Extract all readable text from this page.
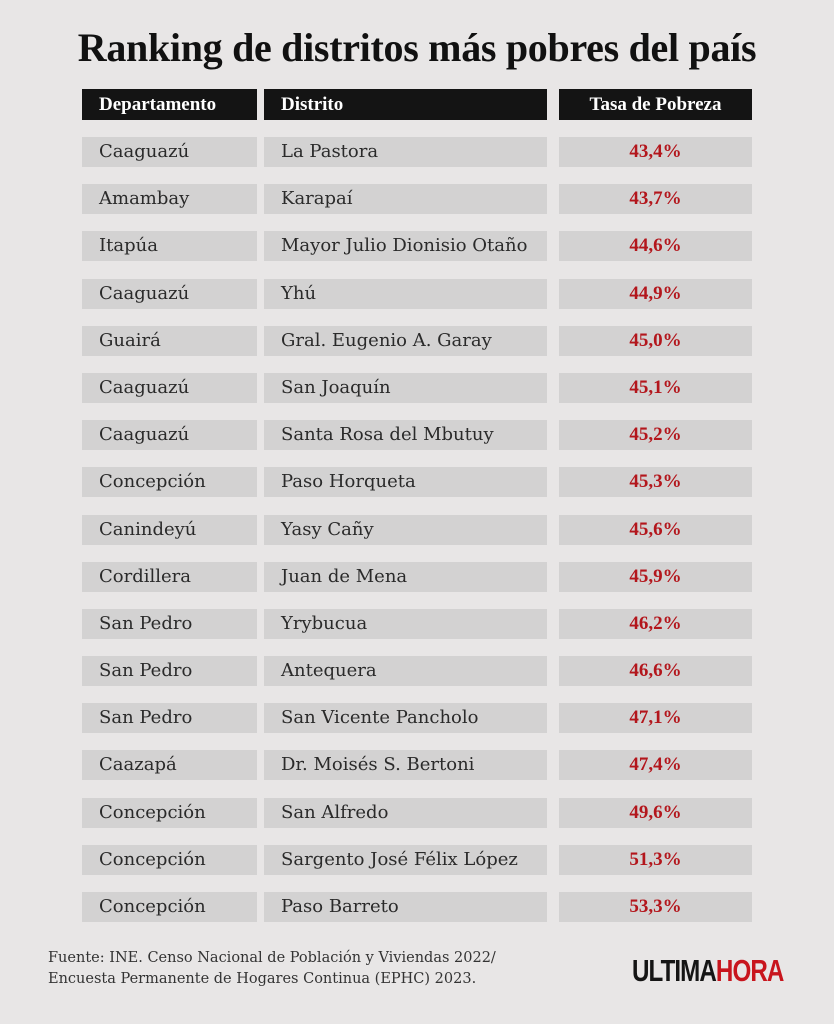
Ranking de distritos más pobres del país
Departamento	Distrito	Tasa de Pobreza
Caaguazú	La Pastora	43,4%
Amambay	Karapaí	43,7%
Itapúa	Mayor Julio Dionisio Otaño	44,6%
Caaguazú	Yhú	44,9%
Guairá	Gral. Eugenio A. Garay	45,0%
Caaguazú	San Joaquín	45,1%
Caaguazú	Santa Rosa del Mbutuy	45,2%
Concepción	Paso Horqueta	45,3%
Canindeyú	Yasy Cañy	45,6%
Cordillera	Juan de Mena	45,9%
San Pedro	Yrybucua	46,2%
San Pedro	Antequera	46,6%
San Pedro	San Vicente Pancholo	47,1%
Caazapá	Dr. Moisés S. Bertoni	47,4%
Concepción	San Alfredo	49,6%
Concepción	Sargento José Félix López	51,3%
Concepción	Paso Barreto	53,3%
Fuente: INE. Censo Nacional de Población y Viviendas 2022/
Encuesta Permanente de Hogares Continua (EPHC) 2023.	ULTIMAHORA
